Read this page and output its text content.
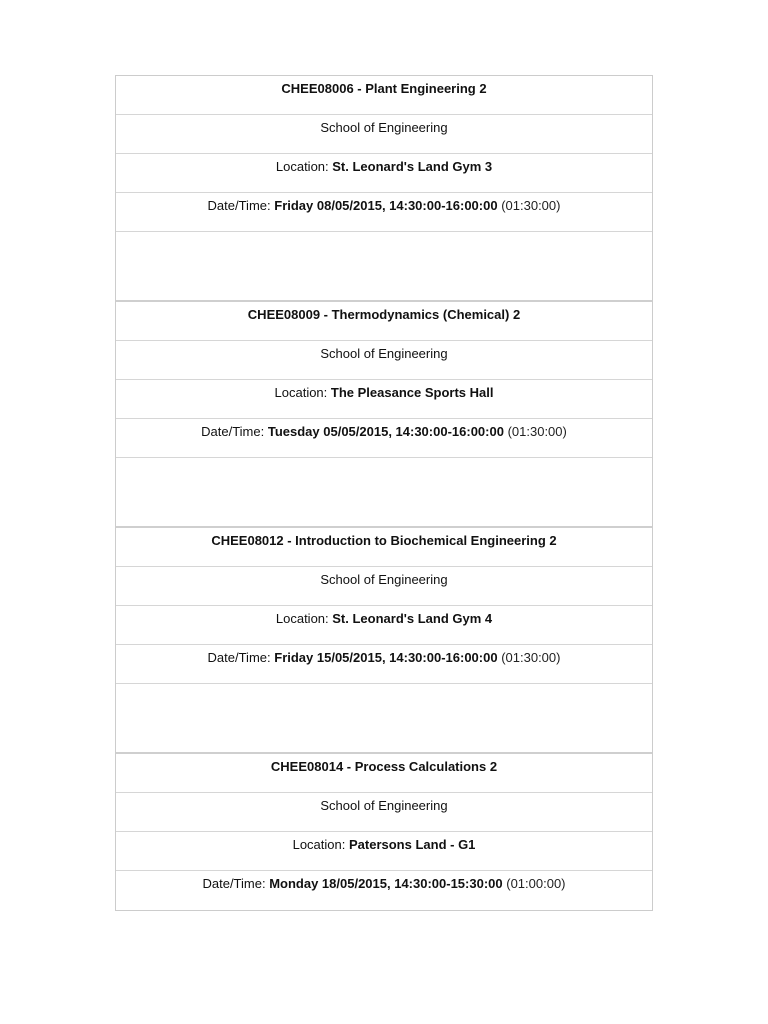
CHEE08006 - Plant Engineering 2
School of Engineering
Location: St. Leonard's Land Gym 3
Date/Time: Friday 08/05/2015, 14:30:00-16:00:00 (01:30:00)
CHEE08009 - Thermodynamics (Chemical) 2
School of Engineering
Location: The Pleasance Sports Hall
Date/Time: Tuesday 05/05/2015, 14:30:00-16:00:00 (01:30:00)
CHEE08012 - Introduction to Biochemical Engineering 2
School of Engineering
Location: St. Leonard's Land Gym 4
Date/Time: Friday 15/05/2015, 14:30:00-16:00:00 (01:30:00)
CHEE08014 - Process Calculations 2
School of Engineering
Location: Patersons Land - G1
Date/Time: Monday 18/05/2015, 14:30:00-15:30:00 (01:00:00)
